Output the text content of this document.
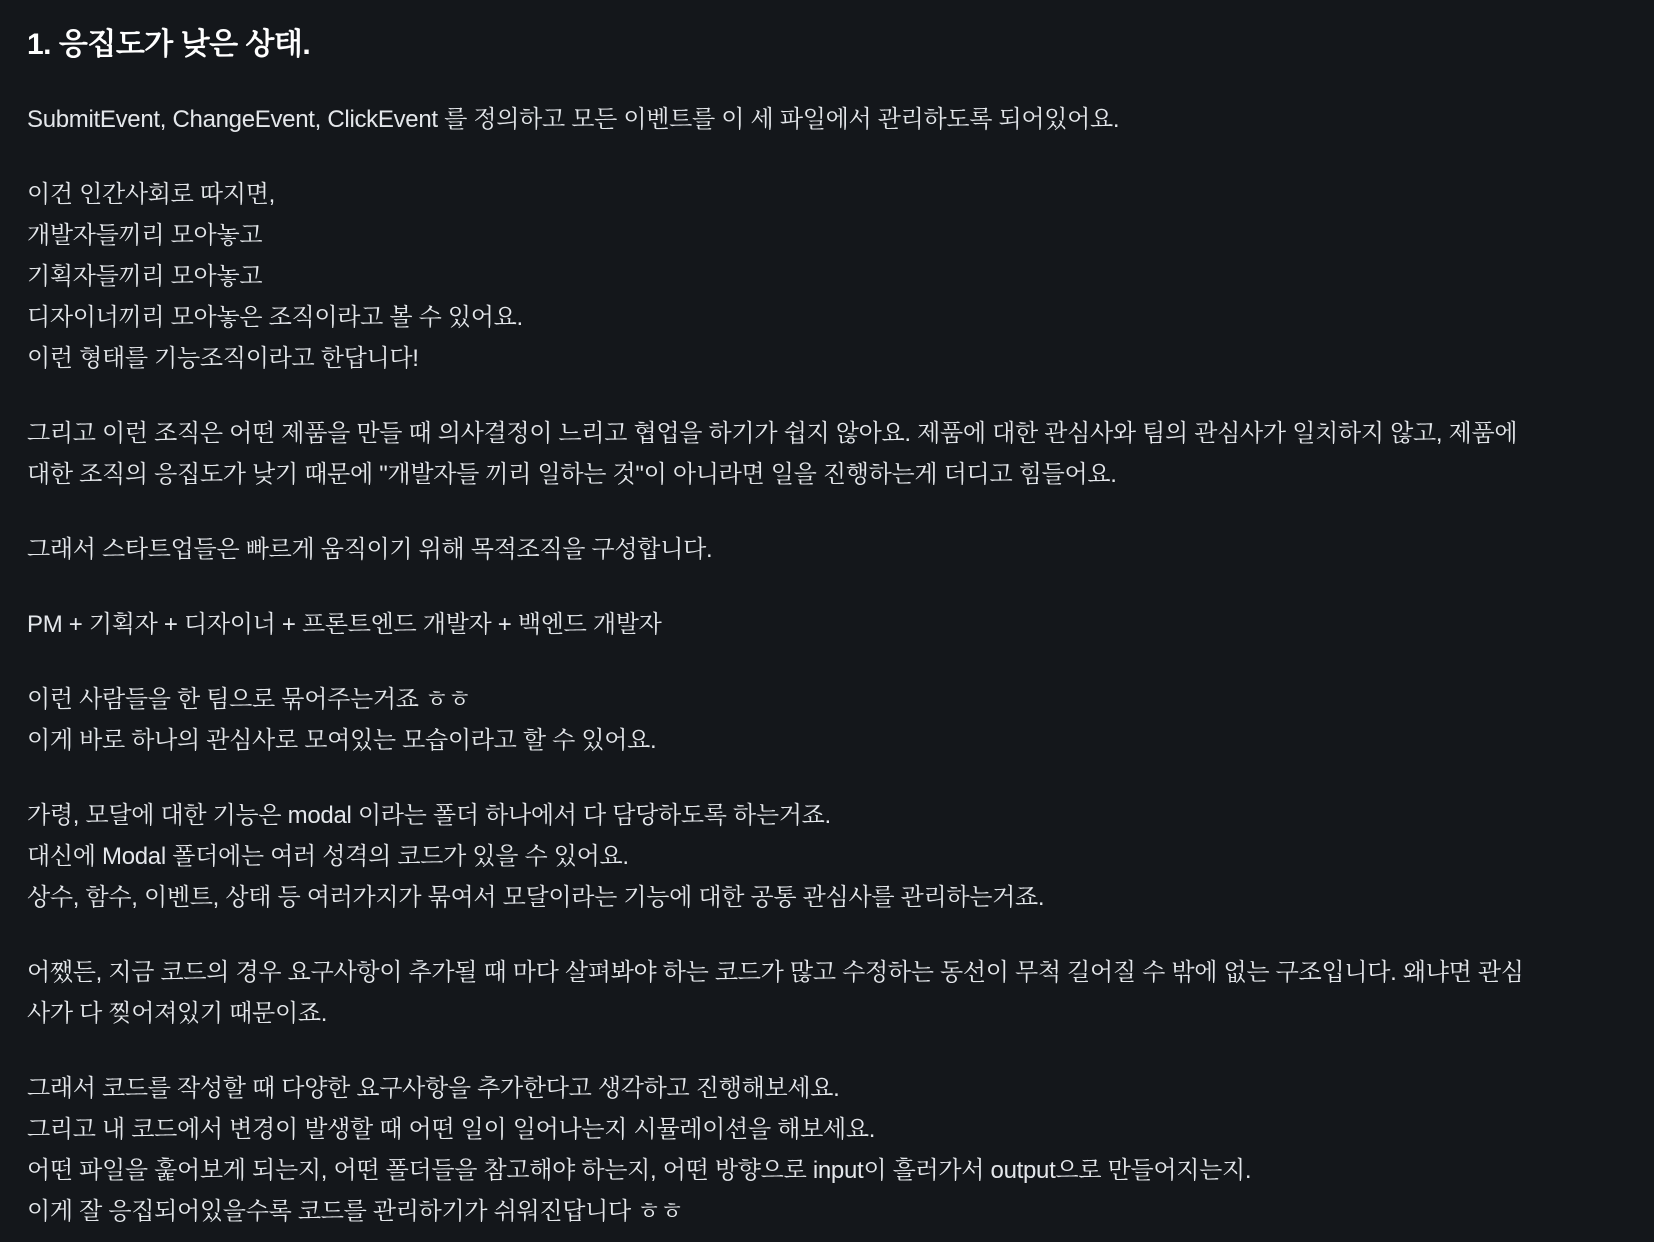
1. 응집도가 낮은 상태.

SubmitEvent, ChangeEvent, ClickEvent 를 정의하고 모든 이벤트를 이 세 파일에서 관리하도록 되어있어요.

이건 인간사회로 따지면,
개발자들끼리 모아놓고
기획자들끼리 모아놓고
디자이너끼리 모아놓은 조직이라고 볼 수 있어요.
이런 형태를 기능조직이라고 한답니다!

그리고 이런 조직은 어떤 제품을 만들 때 의사결정이 느리고 협업을 하기가 쉽지 않아요. 제품에 대한 관심사와 팀의 관심사가 일치하지 않고, 제품에 대한 조직의 응집도가 낮기 때문에 "개발자들 끼리 일하는 것"이 아니라면 일을 진행하는게 더디고 힘들어요.

그래서 스타트업들은 빠르게 움직이기 위해 목적조직을 구성합니다.

PM + 기획자 + 디자이너 + 프론트엔드 개발자 + 백엔드 개발자

이런 사람들을 한 팀으로 묶어주는거죠 ㅎㅎ
이게 바로 하나의 관심사로 모여있는 모습이라고 할 수 있어요.

가령, 모달에 대한 기능은 modal 이라는 폴더 하나에서 다 담당하도록 하는거죠.
대신에 Modal 폴더에는 여러 성격의 코드가 있을 수 있어요.
상수, 함수, 이벤트, 상태 등 여러가지가 묶여서 모달이라는 기능에 대한 공통 관심사를 관리하는거죠.

어쨌든, 지금 코드의 경우 요구사항이 추가될 때 마다 살펴봐야 하는 코드가 많고 수정하는 동선이 무척 길어질 수 밖에 없는 구조입니다. 왜냐면 관심사가 다 찢어져있기 때문이죠.

그래서 코드를 작성할 때 다양한 요구사항을 추가한다고 생각하고 진행해보세요.
그리고 내 코드에서 변경이 발생할 때 어떤 일이 일어나는지 시뮬레이션을 해보세요.
어떤 파일을 훑어보게 되는지, 어떤 폴더들을 참고해야 하는지, 어떤 방향으로 input이 흘러가서 output으로 만들어지는지.
이게 잘 응집되어있을수록 코드를 관리하기가 쉬워진답니다 ㅎㅎ
